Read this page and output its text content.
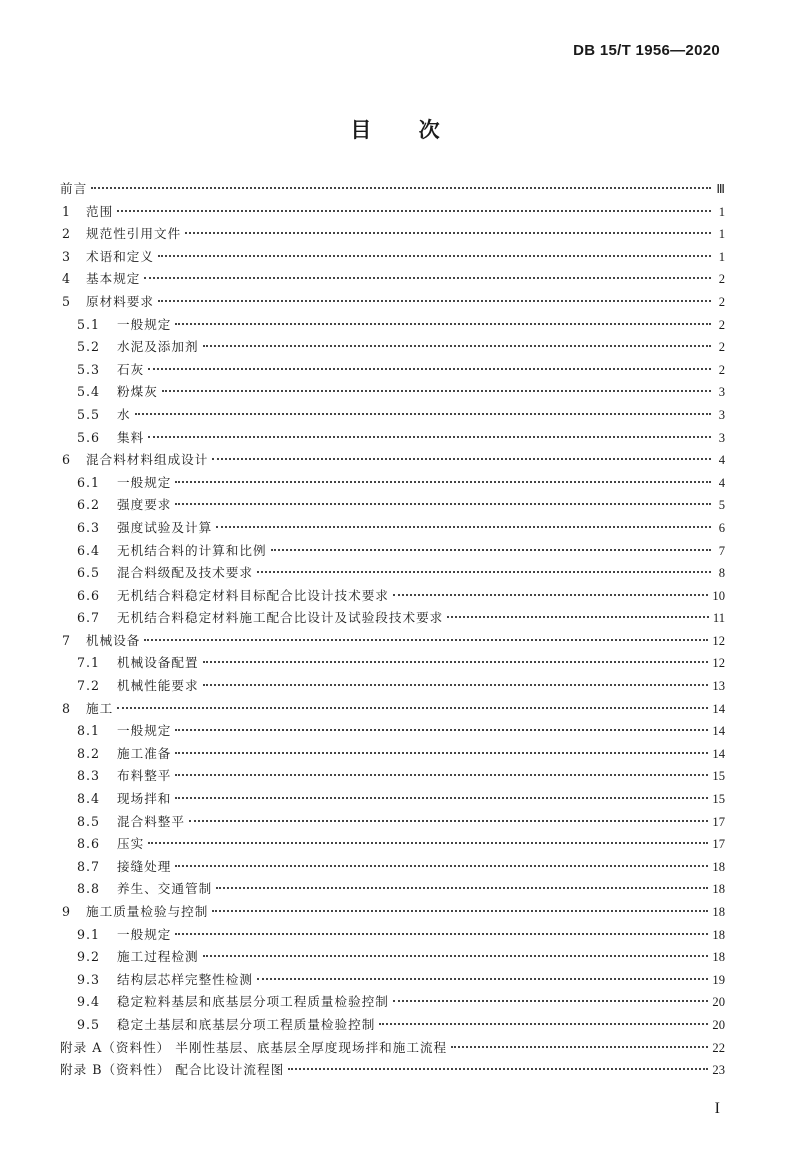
DB 15/T 1956—2020
目 次
前言	Ⅲ
1	范围	1
2	规范性引用文件	1
3	术语和定义	1
4	基本规定	2
5	原材料要求	2
5.1	一般规定	2
5.2	水泥及添加剂	2
5.3	石灰	2
5.4	粉煤灰	3
5.5	水	3
5.6	集料	3
6	混合料材料组成设计	4
6.1	一般规定	4
6.2	强度要求	5
6.3	强度试验及计算	6
6.4	无机结合料的计算和比例	7
6.5	混合料级配及技术要求	8
6.6	无机结合料稳定材料目标配合比设计技术要求	10
6.7	无机结合料稳定材料施工配合比设计及试验段技术要求	11
7	机械设备	12
7.1	机械设备配置	12
7.2	机械性能要求	13
8	施工	14
8.1	一般规定	14
8.2	施工准备	14
8.3	布料整平	15
8.4	现场拌和	15
8.5	混合料整平	17
8.6	压实	17
8.7	接缝处理	18
8.8	养生、交通管制	18
9	施工质量检验与控制	18
9.1	一般规定	18
9.2	施工过程检测	18
9.3	结构层芯样完整性检测	19
9.4	稳定粒料基层和底基层分项工程质量检验控制	20
9.5	稳定土基层和底基层分项工程质量检验控制	20
附录 A（资料性） 半刚性基层、底基层全厚度现场拌和施工流程	22
附录 B（资料性） 配合比设计流程图	23
I
